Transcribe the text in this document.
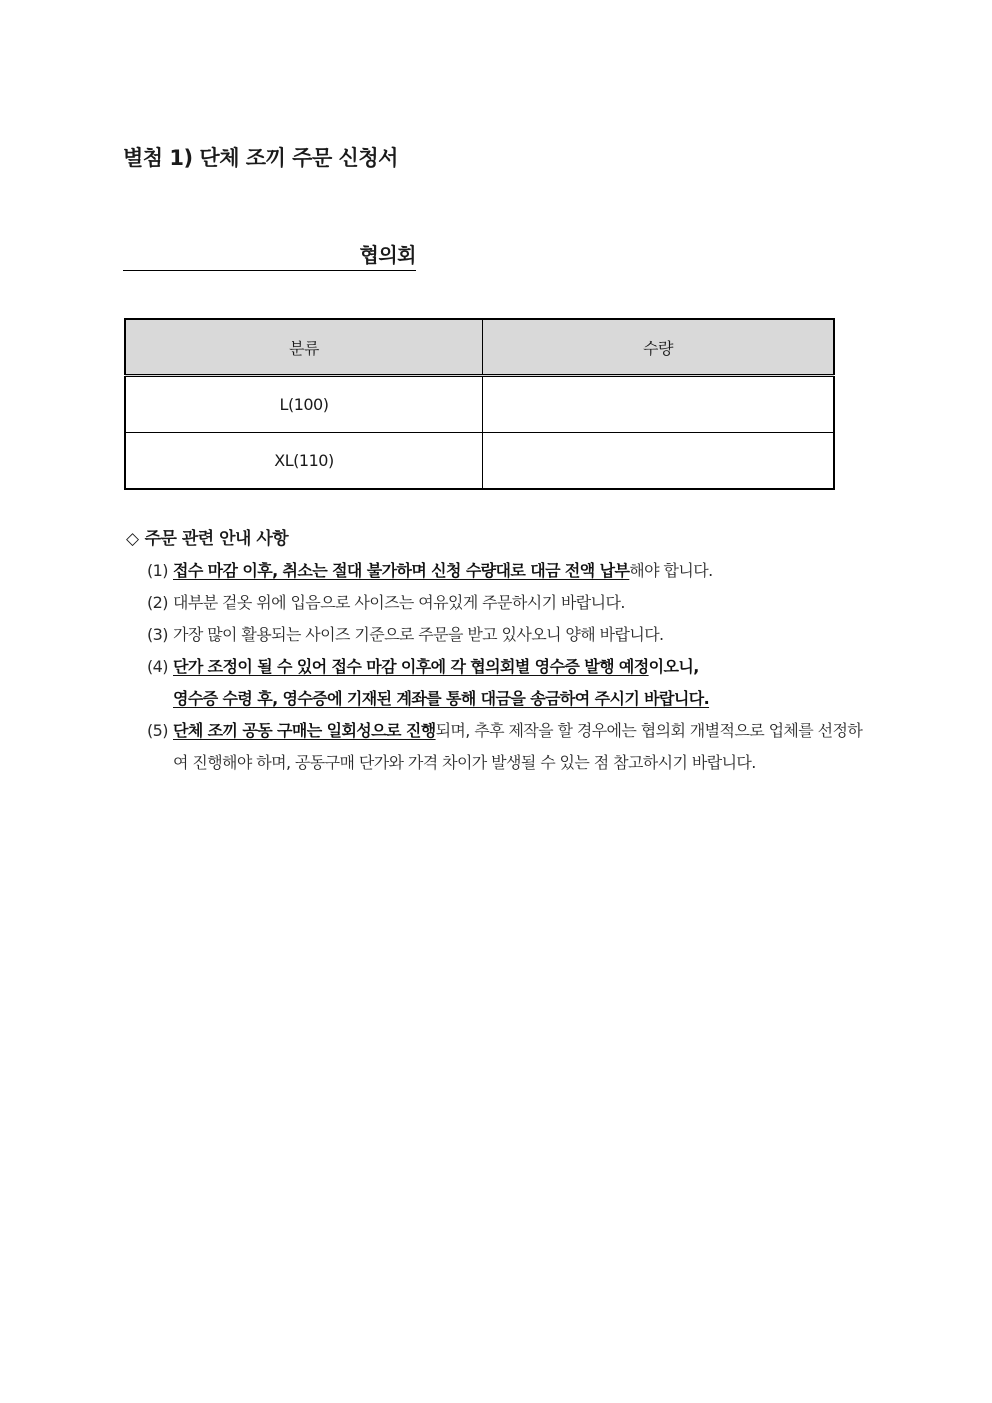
별첨 1) 단체 조끼 주문 신청서
협의회
분류	수량
L(100)	
XL(110)	
◇ 주문 관련 안내 사항
(1) 접수 마감 이후, 취소는 절대 불가하며 신청 수량대로 대금 전액 납부해야 합니다.
(2) 대부분 겉옷 위에 입음으로 사이즈는 여유있게 주문하시기 바랍니다.
(3) 가장 많이 활용되는 사이즈 기준으로 주문을 받고 있사오니 양해 바랍니다.
(4) 단가 조정이 될 수 있어 접수 마감 이후에 각 협의회별 영수증 발행 예정이오니,
영수증 수령 후, 영수증에 기재된 계좌를 통해 대금을 송금하여 주시기 바랍니다.
(5) 단체 조끼 공동 구매는 일회성으로 진행되며, 추후 제작을 할 경우에는 협의회 개별적으로 업체를 선정하여 진행해야 하며, 공동구매 단가와 가격 차이가 발생될 수 있는 점 참고하시기 바랍니다.
